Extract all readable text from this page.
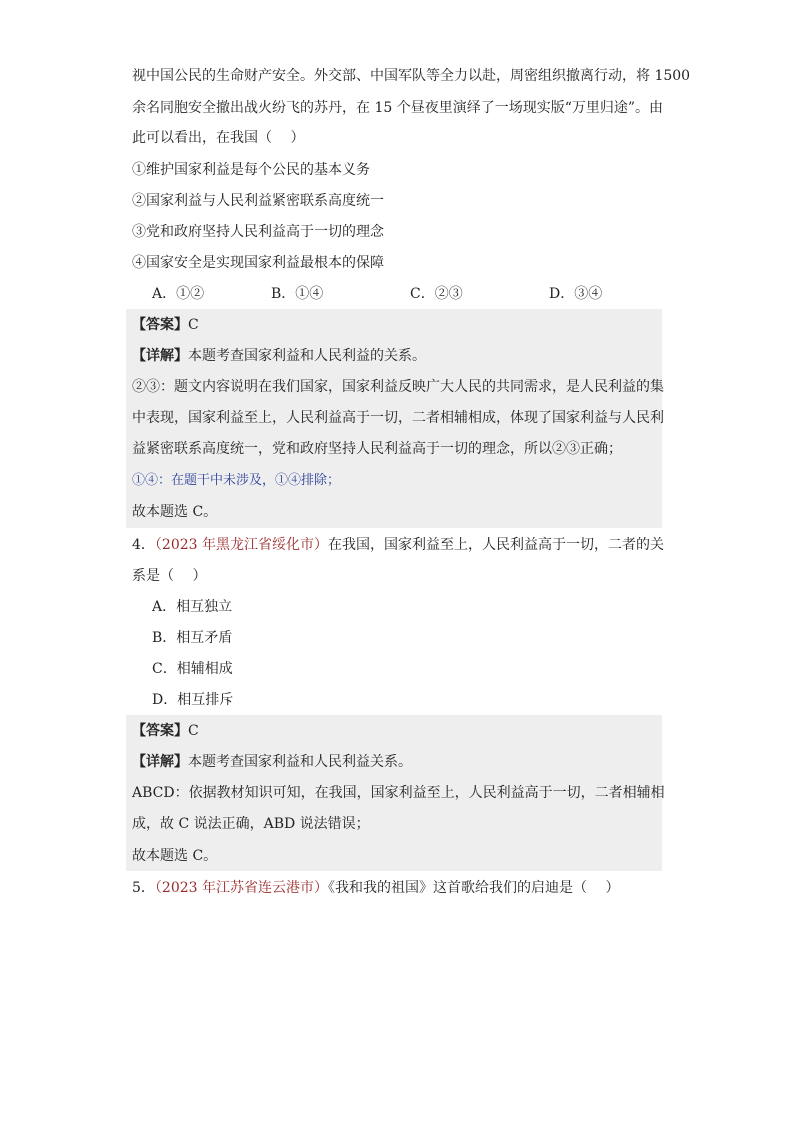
视中国公民的生命财产安全。外交部、中国军队等全力以赴，周密组织撤离行动，将 1500
余名同胞安全撤出战火纷飞的苏丹，在 15 个昼夜里演绎了一场现实版“万里归途”。由
此可以看出，在我国（　 ）
①维护国家利益是每个公民的基本义务
②国家利益与人民利益紧密联系高度统一
③党和政府坚持人民利益高于一切的理念
④国家安全是实现国家利益最根本的保障
A．①②	B．①④	C．②③	D．③④
【答案】C
【详解】本题考查国家利益和人民利益的关系。
②③：题文内容说明在我们国家，国家利益反映广大人民的共同需求，是人民利益的集
中表现，国家利益至上，人民利益高于一切，二者相辅相成，体现了国家利益与人民利
益紧密联系高度统一，党和政府坚持人民利益高于一切的理念，所以②③正确；
①④：在题干中未涉及，①④排除；
故本题选 C。
4．（2023 年黑龙江省绥化市）在我国，国家利益至上，人民利益高于一切，二者的关
系是（　 ）
A．相互独立
B．相互矛盾
C．相辅相成
D．相互排斥
【答案】C
【详解】本题考查国家利益和人民利益关系。
ABCD：依据教材知识可知，在我国，国家利益至上，人民利益高于一切，二者相辅相
成，故 C 说法正确，ABD 说法错误；
故本题选 C。
5．（2023 年江苏省连云港市）《我和我的祖国》这首歌给我们的启迪是（　 ）
